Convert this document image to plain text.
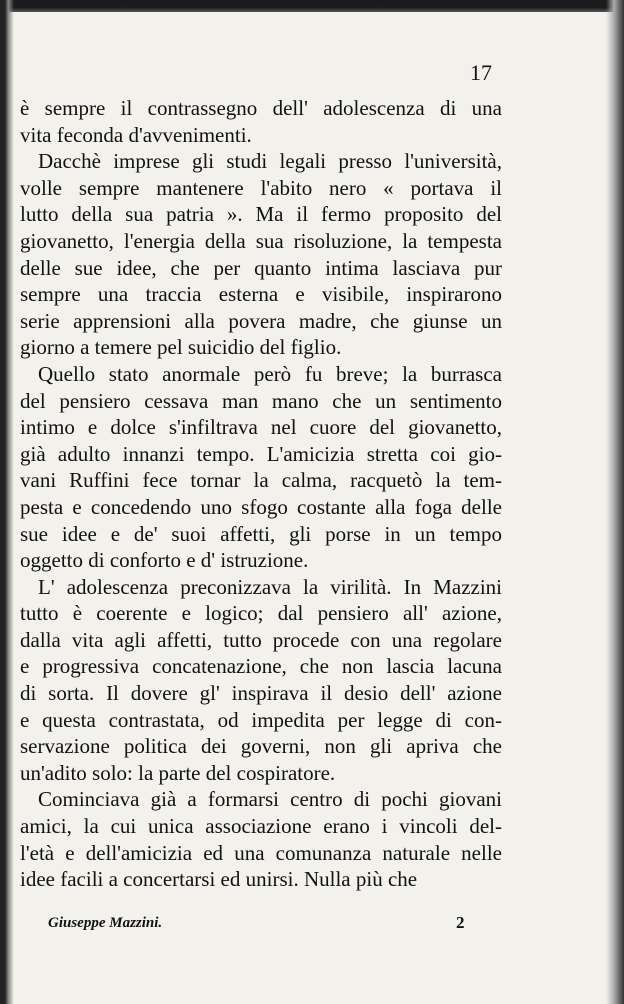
17

è sempre il contrassegno dell' adolescenza di una
vita feconda d'avvenimenti.

Dacchè imprese gli studi legali presso l'università,
volle sempre mantenere l'abito nero « portava il
lutto della sua patria ». Ma il fermo proposito del
giovanetto, l'energia della sua risoluzione, la tempesta
delle sue idee, che per quanto intima lasciava pur
sempre una traccia esterna e visibile, inspirarono
serie apprensioni alla povera madre, che giunse un
giorno a temere pel suicidio del figlio.

Quello stato anormale però fu breve; la burrasca
del pensiero cessava man mano che un sentimento
intimo e dolce s'infiltrava nel cuore del giovanetto,
già adulto innanzi tempo. L'amicizia stretta coi gio-
vani Ruffini fece tornar la calma, racquetò la tem-
pesta e concedendo uno sfogo costante alla foga delle
sue idee e de' suoi affetti, gli porse in un tempo
oggetto di conforto e d' istruzione.

L' adolescenza preconizzava la virilità. In Mazzini
tutto è coerente e logico; dal pensiero all' azione,
dalla vita agli affetti, tutto procede con una regolare
e progressiva concatenazione, che non lascia lacuna
di sorta. Il dovere gl' inspirava il desio dell' azione
e questa contrastata, od impedita per legge di con-
servazione politica dei governi, non gli apriva che
un'adito solo: la parte del cospiratore.

Cominciava già a formarsi centro di pochi giovani
amici, la cui unica associazione erano i vincoli del-
l'età e dell'amicizia ed una comunanza naturale nelle
idee facili a concertarsi ed unirsi. Nulla più che

Giuseppe Mazzini.	2
